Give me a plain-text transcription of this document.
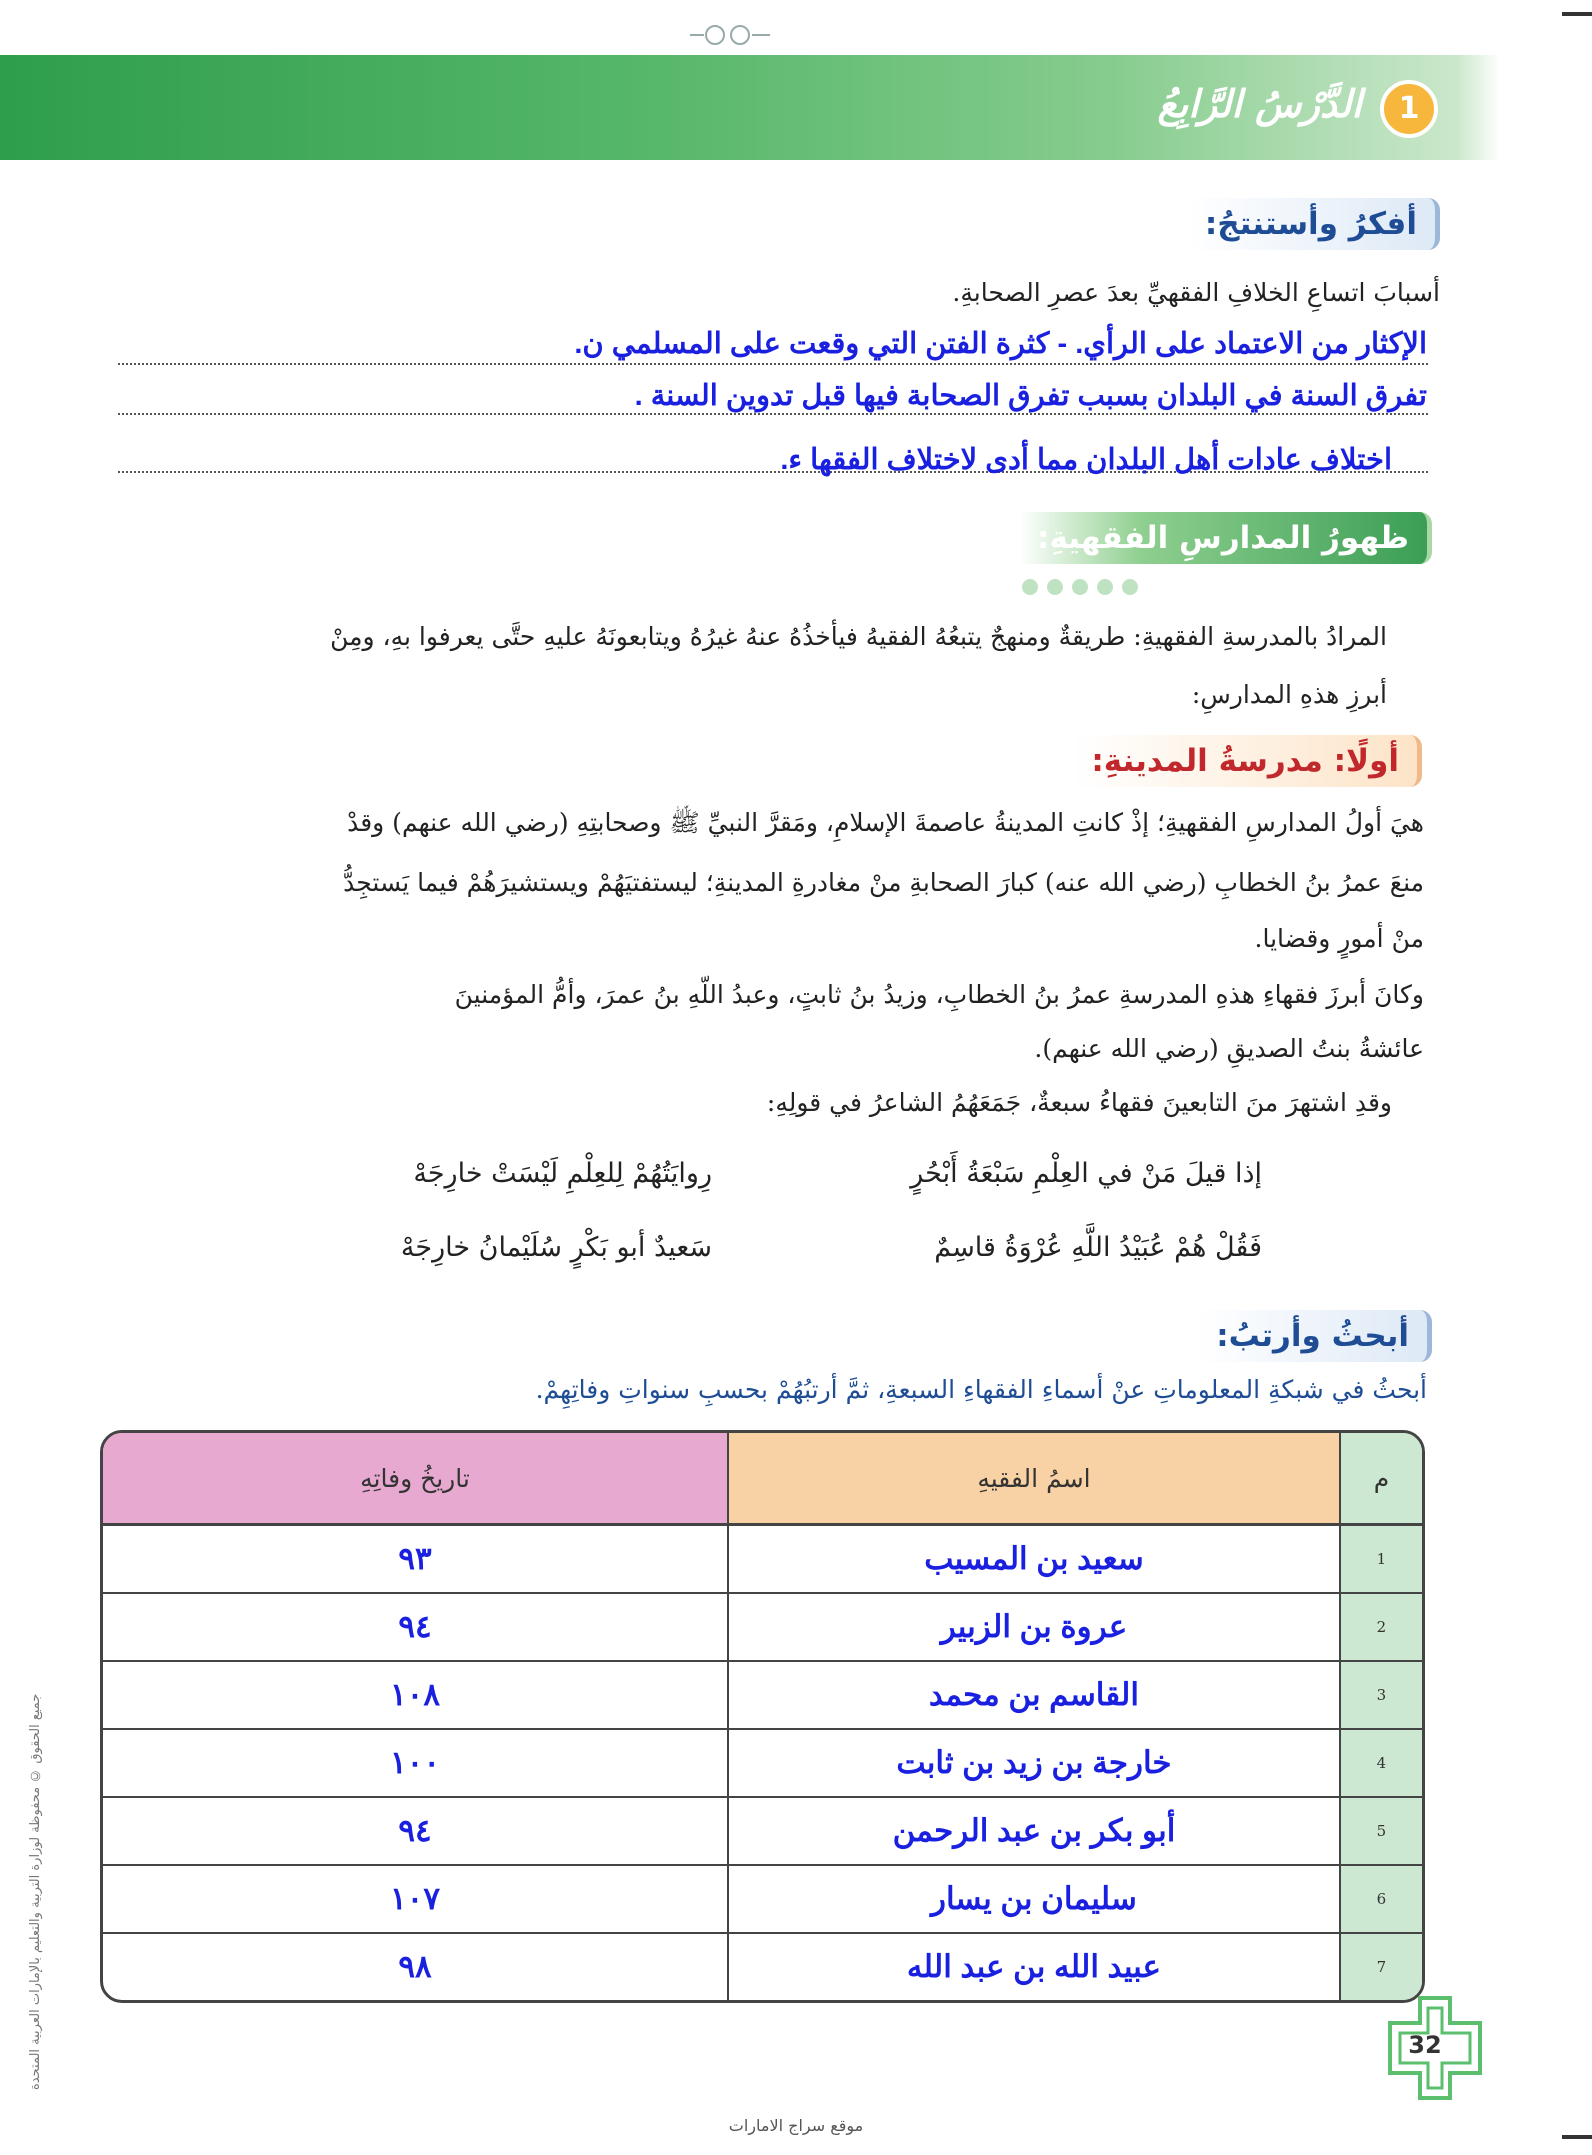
1
الدَّرْسُ الرَّابِعُ
جميع الحقوق © محفوظة لوزارة التربية والتعليم بالإمارات العربية المتحدة
أفكرُ وأستنتجُ:
أسبابَ اتساعِ الخلافِ الفقهيِّ بعدَ عصرِ الصحابةِ.
الإكثار من الاعتماد على الرأي. - كثرة الفتن التي وقعت على المسلمي ن.
تفرق السنة في البلدان بسبب تفرق الصحابة فيها قبل تدوين السنة .
اختلاف عادات أهل البلدان مما أدى لاختلاف الفقها ء.
ظهورُ المدارسِ الفقهيةِ:
المرادُ بالمدرسةِ الفقهيةِ: طريقةٌ ومنهجٌ يتبعُهُ الفقيهُ فيأخذُهُ عنهُ غيرُهُ ويتابعونَهُ عليهِ حتَّى يعرفوا بهِ، ومِنْ
أبرزِ هذهِ المدارسِ:
أولًا: مدرسةُ المدينةِ:
هيَ أولُ المدارسِ الفقهيةِ؛ إذْ كانتِ المدينةُ عاصمةَ الإسلامِ، ومَقرَّ النبيِّ ﷺ وصحابتِهِ (رضي الله عنهم) وقدْ
منعَ عمرُ بنُ الخطابِ (رضي الله عنه) كبارَ الصحابةِ منْ مغادرةِ المدينةِ؛ ليستفتيَهُمْ ويستشيرَهُمْ فيما يَستجِدُّ
منْ أمورٍ وقضايا.
وكانَ أبرزَ فقهاءِ هذهِ المدرسةِ عمرُ بنُ الخطابِ، وزيدُ بنُ ثابتٍ، وعبدُ اللّهِ بنُ عمرَ، وأمُّ المؤمنينَ
عائشةُ بنتُ الصديقِ (رضي الله عنهم).
وقدِ اشتهرَ منَ التابعينَ فقهاءُ سبعةٌ، جَمَعَهُمُ الشاعرُ في قولِهِ:
إذا قيلَ مَنْ في العِلْمِ سَبْعَةُ أَبْحُرٍ
رِوايَتُهُمْ لِلعِلْمِ لَيْسَتْ خارِجَهْ
فَقُلْ هُمْ عُبَيْدُ اللَّهِ عُرْوَةُ قاسِمٌ
سَعيدٌ أبو بَكْرٍ سُلَيْمانُ خارِجَهْ
أبحثُ وأرتبُ:
أبحثُ في شبكةِ المعلوماتِ عنْ أسماءِ الفقهاءِ السبعةِ، ثمَّ أرتبُهُمْ بحسبِ سنواتِ وفاتِهِمْ.
م	اسمُ الفقيهِ	تاريخُ وفاتِهِ
1	سعيد بن المسيب	٩٣
2	عروة بن الزبير	٩٤
3	القاسم بن محمد	١٠٨
4	خارجة بن زيد بن ثابت	١٠٠
5	أبو بكر بن عبد الرحمن	٩٤
6	سليمان بن يسار	١٠٧
7	عبيد الله بن عبد الله	٩٨
32
موقع سراج الامارات
